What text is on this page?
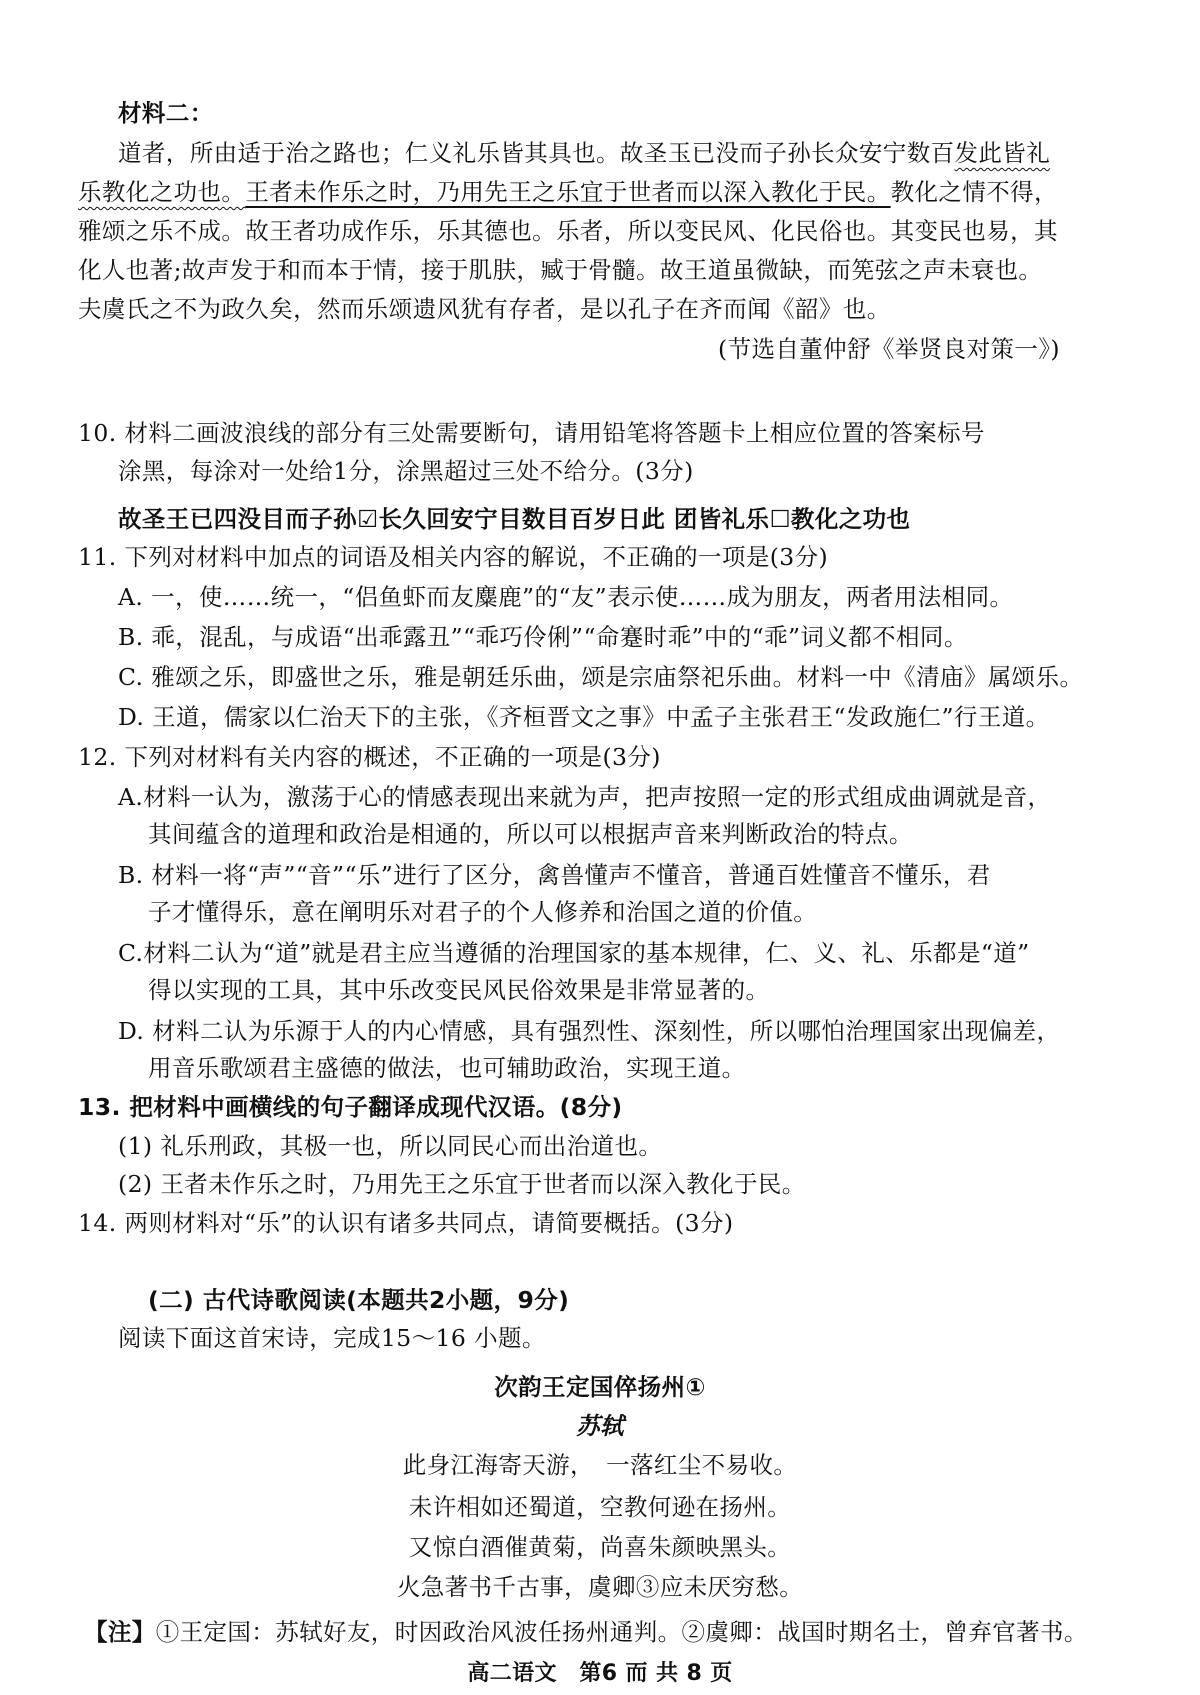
材料二：
道者，所由适于治之路也；仁义礼乐皆其具也。故圣玉已没而子孙长众安宁数百发此皆礼
乐教化之功也。王者未作乐之时，乃用先王之乐宜于世者而以深入教化于民。教化之情不得，
雅颂之乐不成。故王者功成作乐，乐其德也。乐者，所以变民风、化民俗也。其变民也易，其
化人也著;故声发于和而本于情，接于肌肤，臧于骨髓。故王道虽微缺，而筅弦之声未衰也。
夫虞氏之不为政久矣，然而乐颂遗风犹有存者，是以孔子在齐而闻《韶》也。
(节选自董仲舒《举贤良对策一》)
10. 材料二画波浪线的部分有三处需要断句，请用铅笔将答题卡上相应位置的答案标号
涂黑，每涂对一处给1分，涂黑超过三处不给分。(3分)
故圣王已四没目而子孙☑长久回安宁目数目百岁日此 团皆礼乐☐教化之功也
11. 下列对材料中加点的词语及相关内容的解说，不正确的一项是(3分)
A. 一，使……统一，“侣鱼虾而友麋鹿”的“友”表示使……成为朋友，两者用法相同。
B. 乖，混乱，与成语“出乖露丑”“乖巧伶俐”“命蹇时乖”中的“乖”词义都不相同。
C. 雅颂之乐，即盛世之乐，雅是朝廷乐曲，颂是宗庙祭祀乐曲。材料一中《清庙》属颂乐。
D. 王道，儒家以仁治天下的主张，《齐桓晋文之事》中孟子主张君王“发政施仁”行王道。
12. 下列对材料有关内容的概述，不正确的一项是(3分)
A.材料一认为，激荡于心的情感表现出来就为声，把声按照一定的形式组成曲调就是音，
其间蕴含的道理和政治是相通的，所以可以根据声音来判断政治的特点。
B. 材料一将“声”“音”“乐”进行了区分，禽兽懂声不懂音，普通百姓懂音不懂乐，君
子才懂得乐，意在阐明乐对君子的个人修养和治国之道的价值。
C.材料二认为“道”就是君主应当遵循的治理国家的基本规律，仁、义、礼、乐都是“道”
得以实现的工具，其中乐改变民风民俗效果是非常显著的。
D. 材料二认为乐源于人的内心情感，具有强烈性、深刻性，所以哪怕治理国家出现偏差，
用音乐歌颂君主盛德的做法，也可辅助政治，实现王道。
13. 把材料中画横线的句子翻译成现代汉语。(8分)
(1) 礼乐刑政，其极一也，所以同民心而出治道也。
(2) 王者未作乐之时，乃用先王之乐宜于世者而以深入教化于民。
14. 两则材料对“乐”的认识有诸多共同点，请简要概括。(3分)
(二) 古代诗歌阅读(本题共2小题，9分)
阅读下面这首宋诗，完成15～16 小题。
次韵王定国倅扬州①
苏轼
此身江海寄天游，　一落红尘不易收。
未许相如还蜀道，空教何逊在扬州。
又惊白酒催黄菊，尚喜朱颜映黑头。
火急著书千古事，虞卿③应未厌穷愁。
【注】①王定国：苏轼好友，时因政治风波任扬州通判。②虞卿：战国时期名士，曾弃官著书。
高二语文　第6 而 共 8 页
